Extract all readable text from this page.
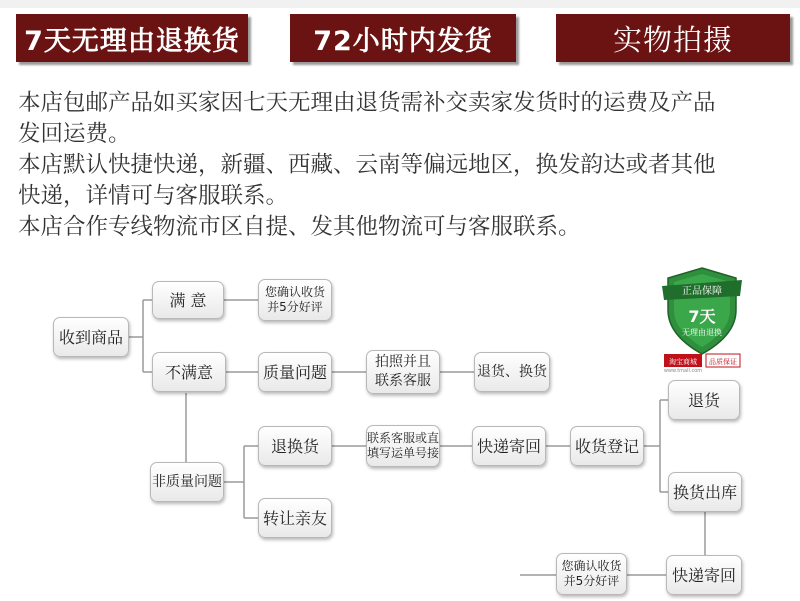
7天无理由退换货	72小时内发货	实物拍摄
本店包邮产品如买家因七天无理由退货需补交卖家发货时的运费及产品
发回运费。
本店默认快捷快递，新疆、西藏、云南等偏远地区，换发韵达或者其他
快递，详情可与客服联系。
本店合作专线物流市区自提、发其他物流可与客服联系。
收到商品
满 意	您确认收货
并5分好评
不满意	质量问题
拍照并且
联系客服
退货、换货
非质量问题
退换货	联系客服或直
填写运单号接 快递寄回 收货登记
退货
转让亲友
换货出库
您确认收货
并5分好评	快递寄回
正品保障
7天
无理由退换
淘宝商城 品质保证
www.tmall.com
